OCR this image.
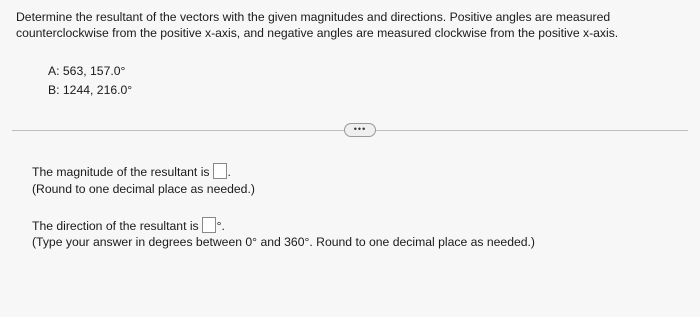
Determine the resultant of the vectors with the given magnitudes and directions. Positive angles are measured counterclockwise from the positive x-axis, and negative angles are measured clockwise from the positive x-axis.
A: 563, 157.0°
B: 1244, 216.0°
•••
The magnitude of the resultant is .
(Round to one decimal place as needed.)
The direction of the resultant is °.
(Type your answer in degrees between 0° and 360°. Round to one decimal place as needed.)
